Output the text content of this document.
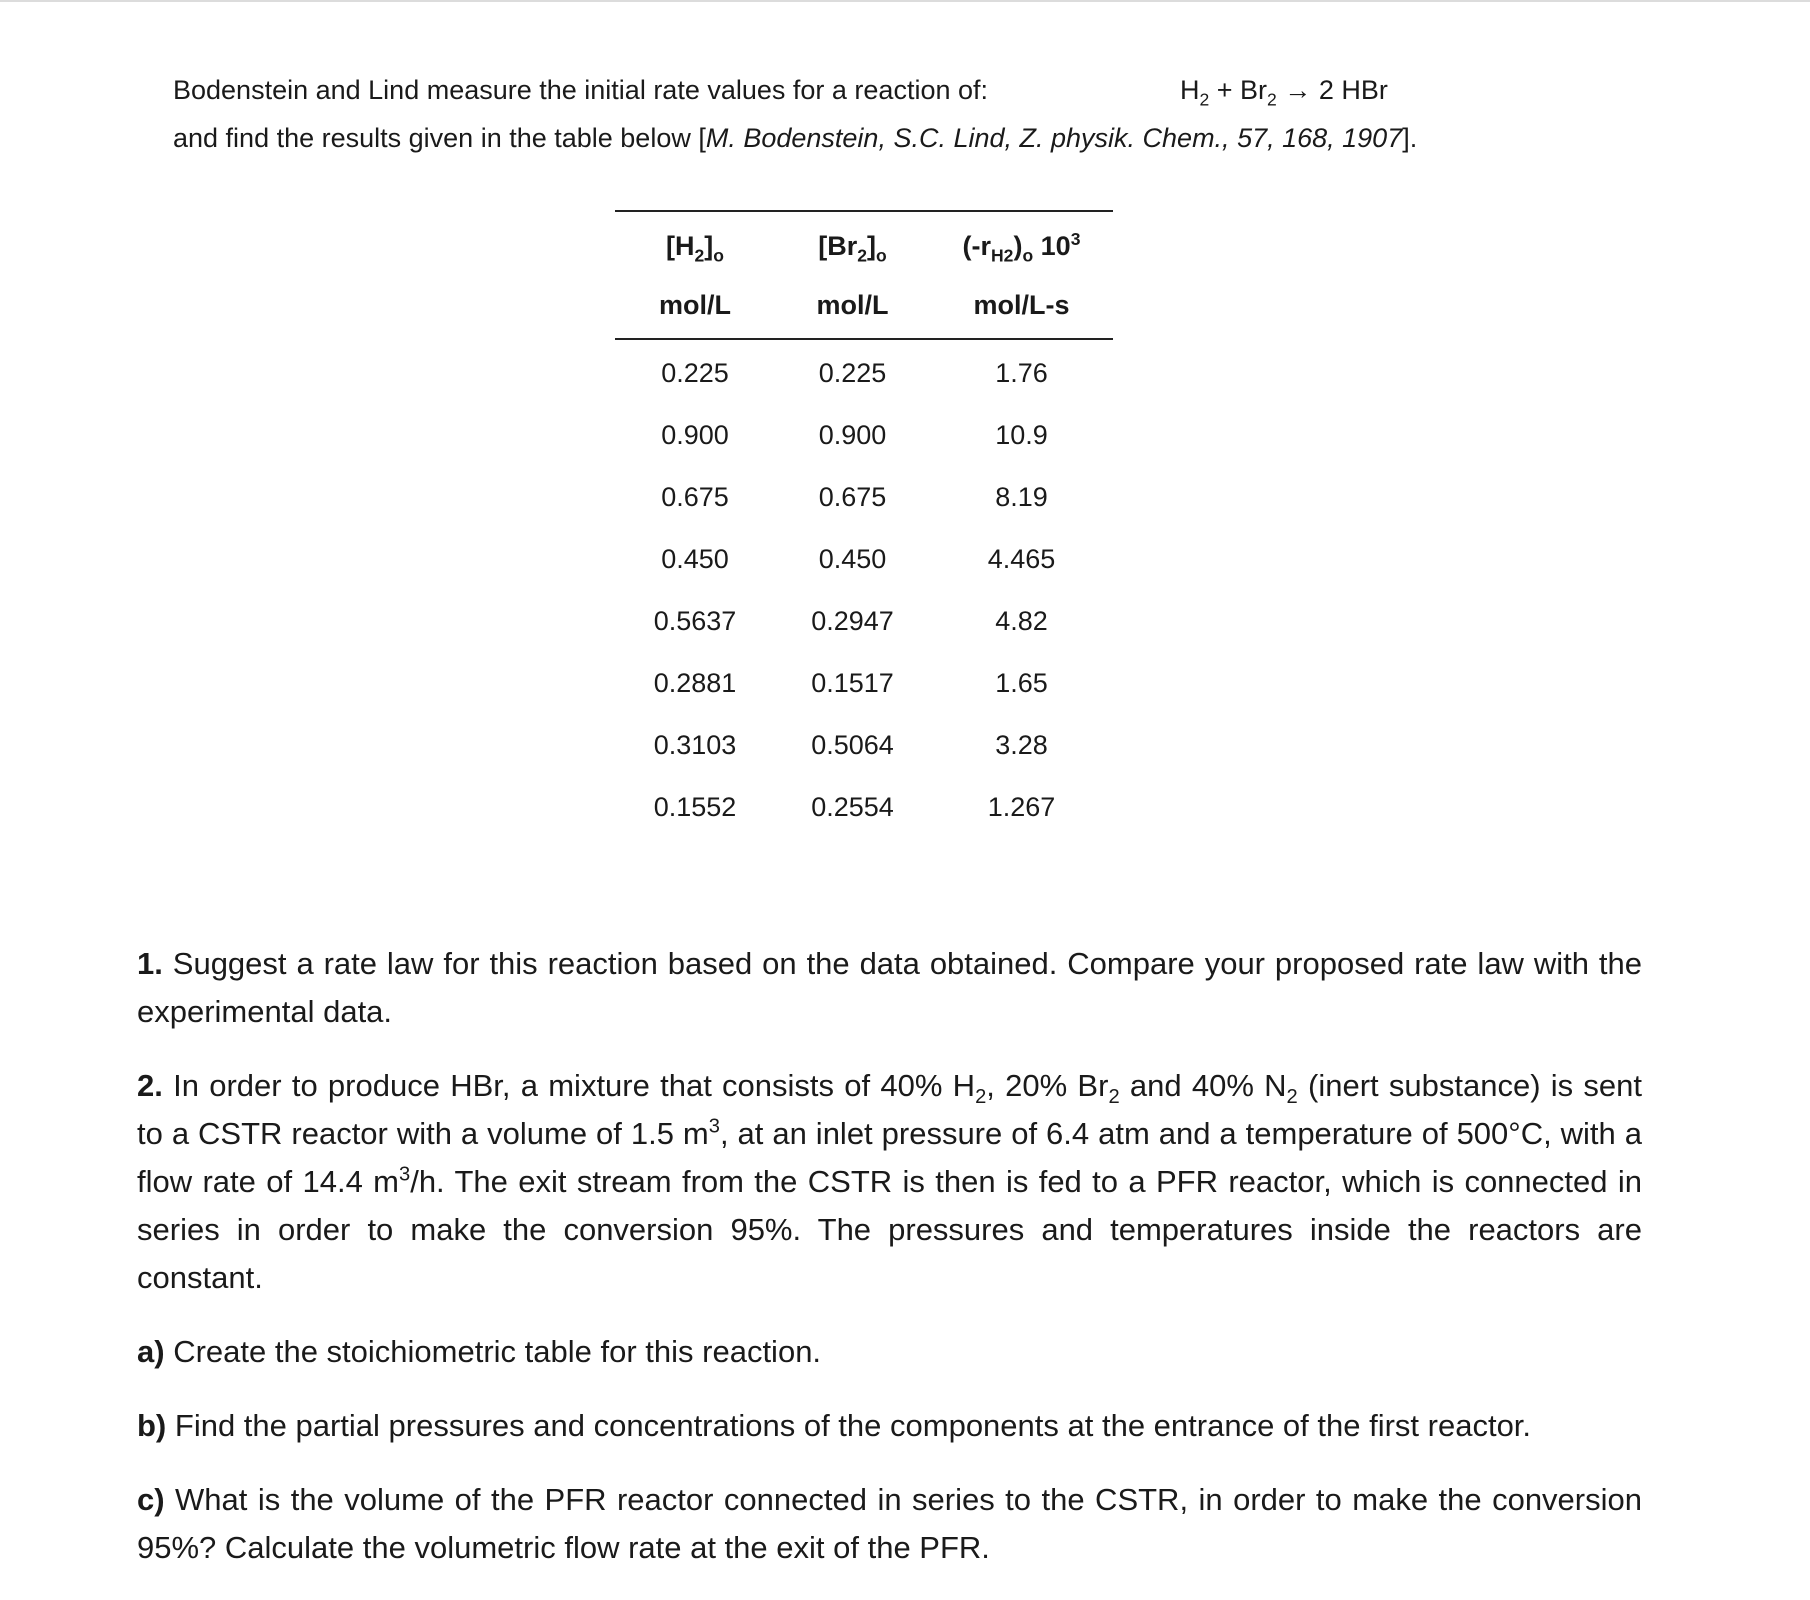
Bodenstein and Lind measure the initial rate values for a reaction of:
and find the results given in the table below [M. Bodenstein, S.C. Lind, Z. physik. Chem., 57, 168, 1907].
$H_2 + Br_2 \to 2$ HBr
$[H_2]_o$	$[Br_2]_o$	$(-r_{H2})_o$ $10^3$
mol/L	mol/L	mol/L-s
0.225	0.225	1.76
0.900	0.900	10.9
0.675	0.675	8.19
0.450	0.450	4.465
0.5637	0.2947	4.82
0.2881	0.1517	1.65
0.3103	0.5064	3.28
0.1552	0.2554	1.267

1. Suggest a rate law for this reaction based on the data obtained. Compare your proposed rate law with the experimental data.

2. In order to produce HBr, a mixture that consists of 40% $H_2$, 20% $Br_2$ and 40% $N_2$ (inert substance) is sent to a CSTR reactor with a volume of 1.5 $m^3$, at an inlet pressure of 6.4 atm and a temperature of 500°C, with a flow rate of 14.4 $m^3/h$. The exit stream from the CSTR is then is fed to a PFR reactor, which is connected in series in order to make the conversion 95%. The pressures and temperatures inside the reactors are constant.

a) Create the stoichiometric table for this reaction.

b) Find the partial pressures and concentrations of the components at the entrance of the first reactor.

c) What is the volume of the PFR reactor connected in series to the CSTR, in order to make the conversion 95%? Calculate the volumetric flow rate at the exit of the PFR.
